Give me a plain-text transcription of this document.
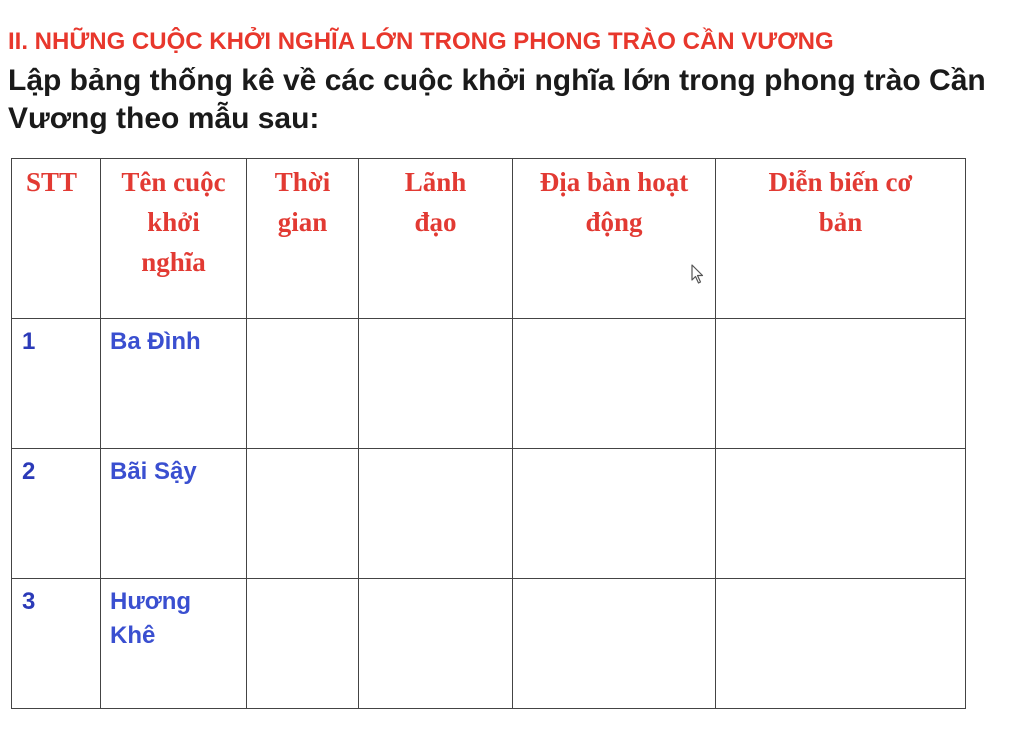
II. NHỮNG CUỘC KHỞI NGHĨA LỚN TRONG PHONG TRÀO CẦN VƯƠNG
Lập bảng thống kê về các cuộc khởi nghĩa lớn trong phong trào Cần Vương theo mẫu sau:
STT	Tên cuộc khởi nghĩa	Thời gian	Lãnh đạo	Địa bàn hoạt động	Diễn biến cơ bản
1	Ba Đình				
2	Bãi Sậy				
3	Hương Khê				
